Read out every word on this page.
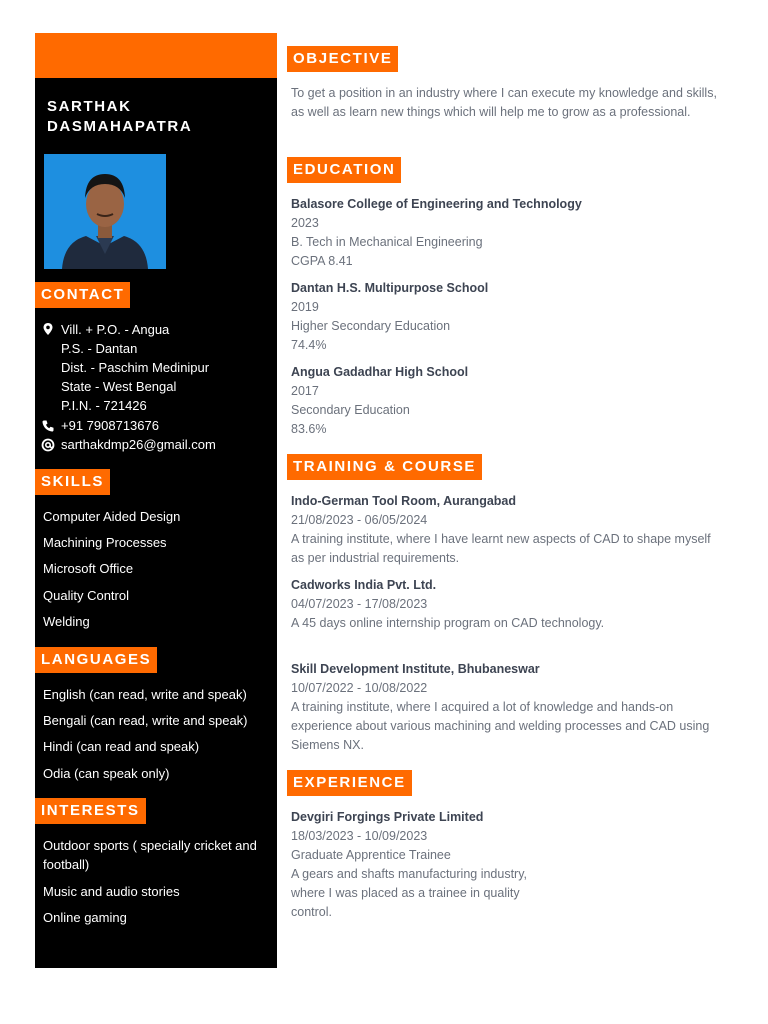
SARTHAK
DASMAHAPATRA
CONTACT
Vill. + P.O. - Angua
P.S. - Dantan
Dist. - Paschim Medinipur
State - West Bengal
P.I.N. - 721426
+91 7908713676
sarthakdmp26@gmail.com
SKILLS
Computer Aided Design
Machining Processes
Microsoft Office
Quality Control
Welding
LANGUAGES
English (can read, write and speak)
Bengali (can read, write and speak)
Hindi (can read and speak)
Odia (can speak only)
INTERESTS
Outdoor sports ( specially cricket and football)
Music and audio stories
Online gaming
OBJECTIVE
To get a position in an industry where I can execute my knowledge and skills, as well as learn new things which will help me to grow as a professional.
EDUCATION
Balasore College of Engineering and Technology
2023
B. Tech in Mechanical Engineering
CGPA 8.41
Dantan H.S. Multipurpose School
2019
Higher Secondary Education
74.4%
Angua Gadadhar High School
2017
Secondary Education
83.6%
TRAINING & COURSE
Indo-German Tool Room, Aurangabad
21/08/2023 - 06/05/2024
A training institute, where I have learnt new aspects of CAD to shape myself as per industrial requirements.
Cadworks India Pvt. Ltd.
04/07/2023 - 17/08/2023
A 45 days online internship program on CAD technology.
Skill Development Institute, Bhubaneswar
10/07/2022 - 10/08/2022
A training institute, where I acquired a lot of knowledge and hands-on experience about various machining and welding processes and CAD using Siemens NX.
EXPERIENCE
Devgiri Forgings Private Limited
18/03/2023 - 10/09/2023
Graduate Apprentice Trainee
A gears and shafts manufacturing industry, where I was placed as a trainee in quality control.
